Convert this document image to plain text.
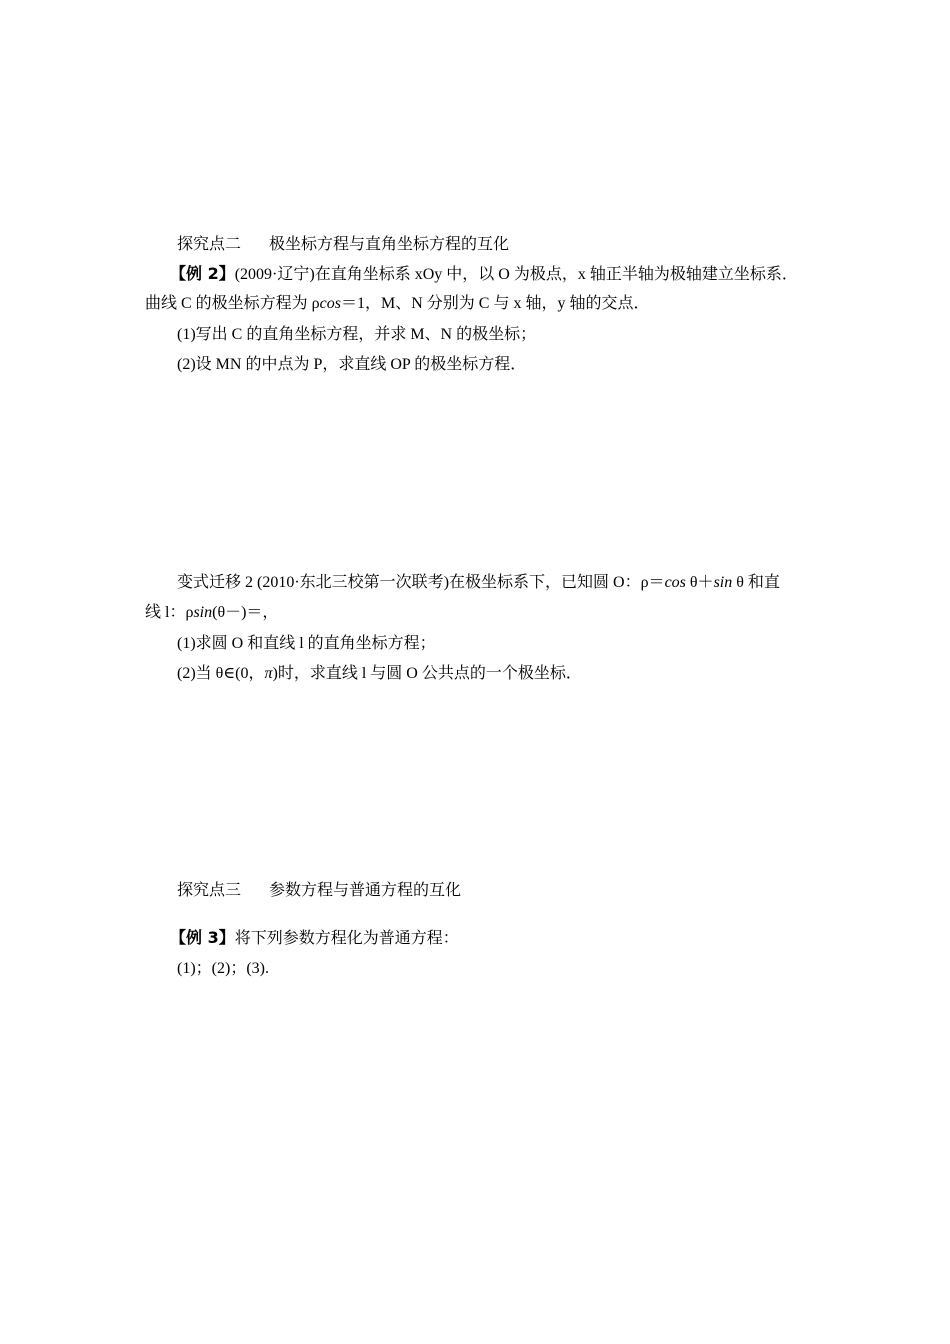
探究点二 极坐标方程与直角坐标方程的互化
【例 2】(2009·辽宁)在直角坐标系 xOy 中，以 O 为极点，x 轴正半轴为极轴建立坐标系．
曲线 C 的极坐标方程为 ρcos＝1，M、N 分别为 C 与 x 轴，y 轴的交点．
(1)写出 C 的直角坐标方程，并求 M、N 的极坐标；
(2)设 MN 的中点为 P，求直线 OP 的极坐标方程．
变式迁移 2 (2010·东北三校第一次联考)在极坐标系下，已知圆 O：ρ＝cos θ＋sin θ 和直
线 l：ρsin(θ－)＝，
(1)求圆 O 和直线 l 的直角坐标方程；
(2)当 θ∈(0，π)时，求直线 l 与圆 O 公共点的一个极坐标．
探究点三 参数方程与普通方程的互化
【例 3】将下列参数方程化为普通方程：
(1)；(2)；(3).
